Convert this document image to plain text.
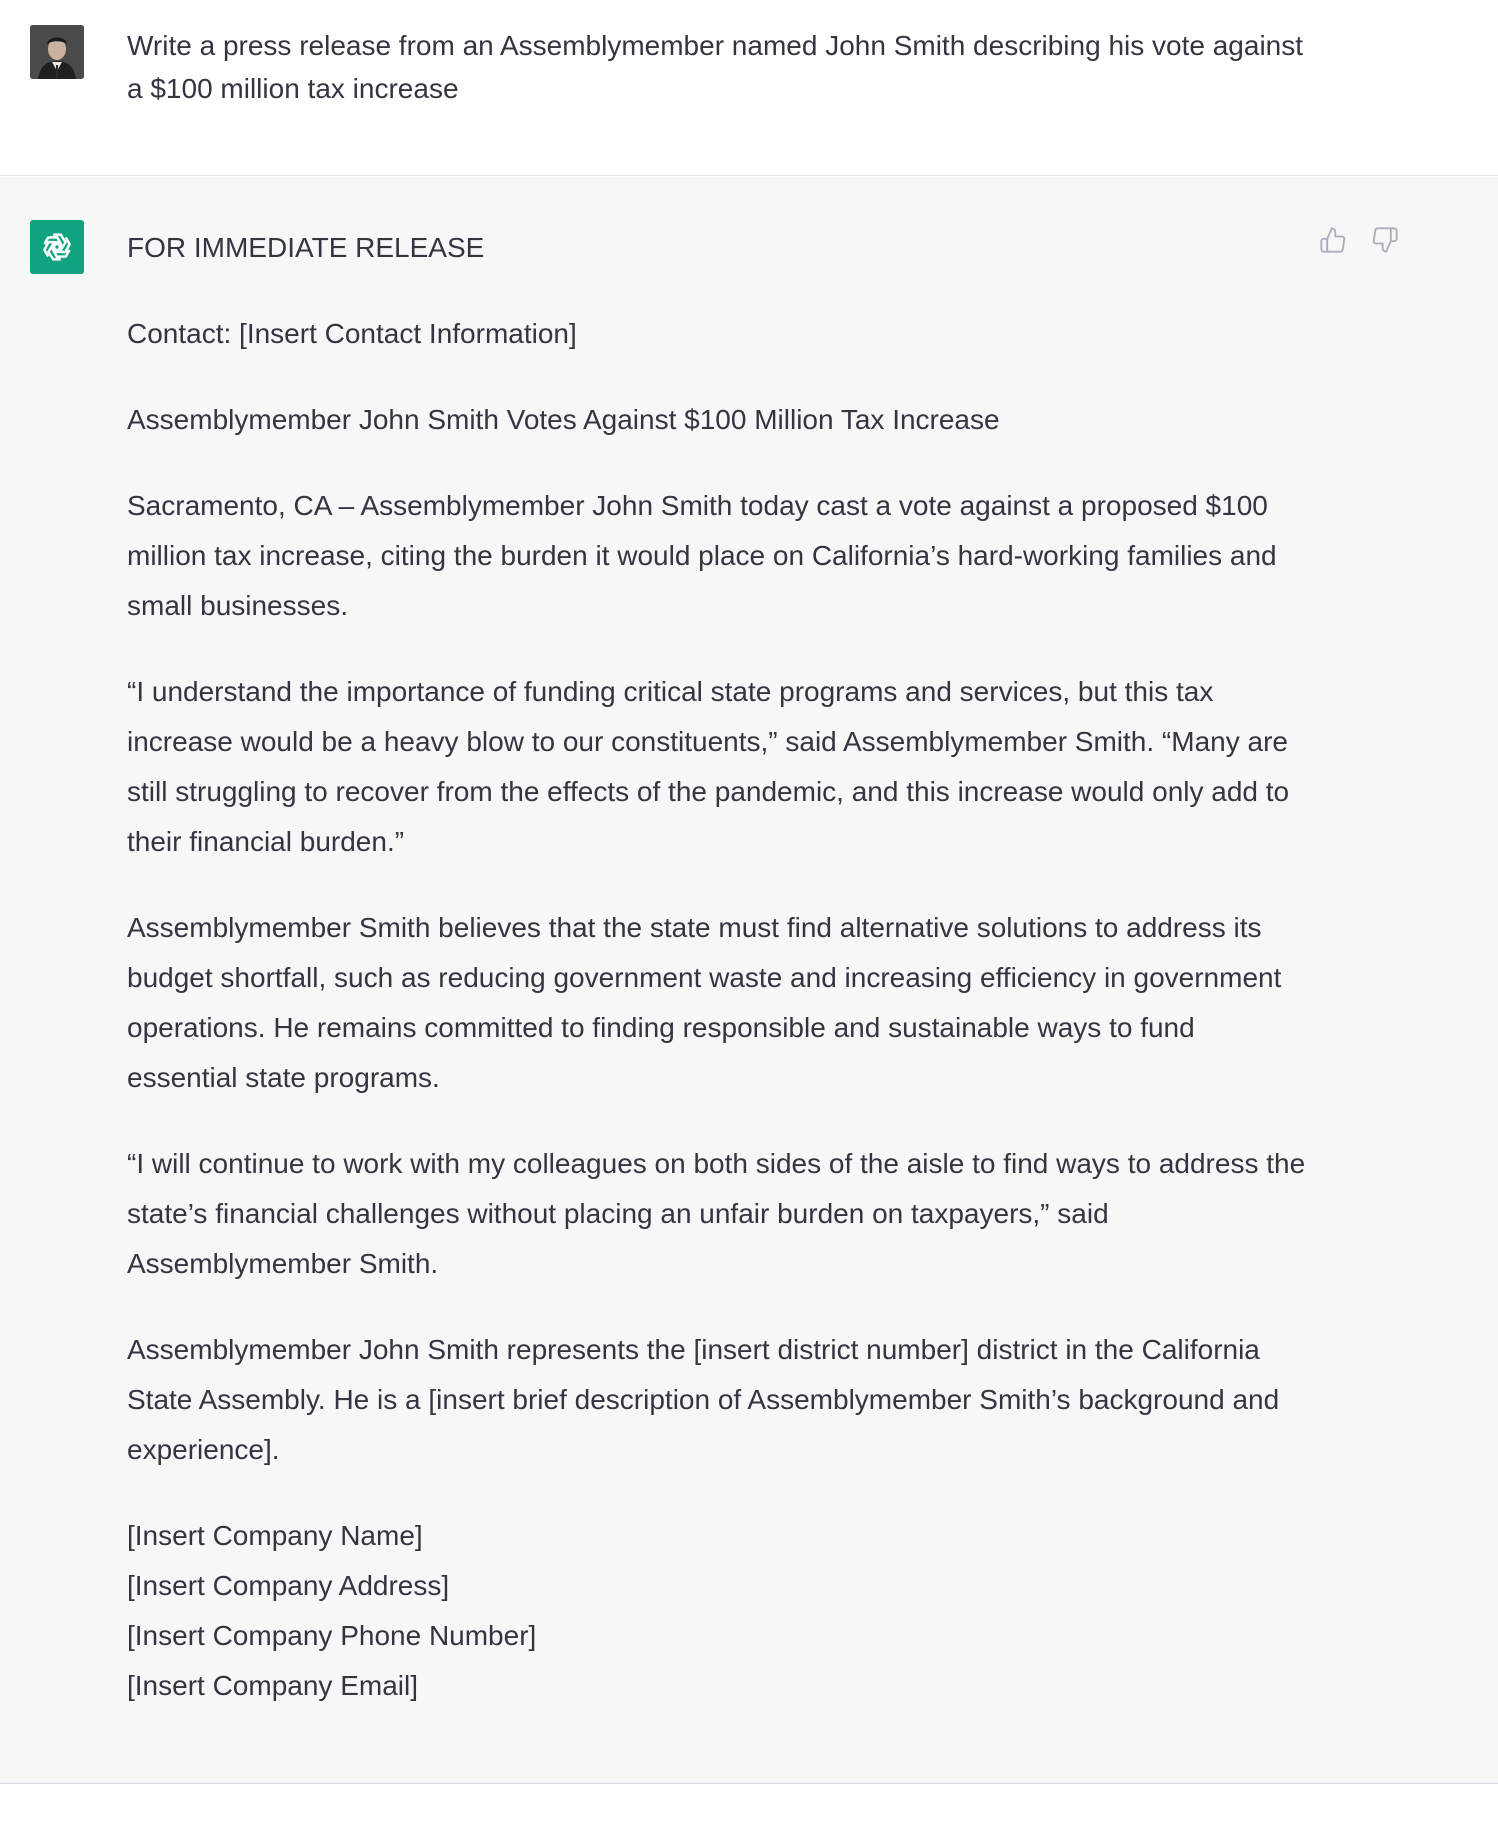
Write a press release from an Assemblymember named John Smith describing his vote against a $100 million tax increase

FOR IMMEDIATE RELEASE

Contact: [Insert Contact Information]

Assemblymember John Smith Votes Against $100 Million Tax Increase

Sacramento, CA – Assemblymember John Smith today cast a vote against a proposed $100 million tax increase, citing the burden it would place on California’s hard-working families and small businesses.

“I understand the importance of funding critical state programs and services, but this tax increase would be a heavy blow to our constituents,” said Assemblymember Smith. “Many are still struggling to recover from the effects of the pandemic, and this increase would only add to their financial burden.”

Assemblymember Smith believes that the state must find alternative solutions to address its budget shortfall, such as reducing government waste and increasing efficiency in government operations. He remains committed to finding responsible and sustainable ways to fund essential state programs.

“I will continue to work with my colleagues on both sides of the aisle to find ways to address the state’s financial challenges without placing an unfair burden on taxpayers,” said Assemblymember Smith.

Assemblymember John Smith represents the [insert district number] district in the California State Assembly. He is a [insert brief description of Assemblymember Smith’s background and experience].

[Insert Company Name]
[Insert Company Address]
[Insert Company Phone Number]
[Insert Company Email]
